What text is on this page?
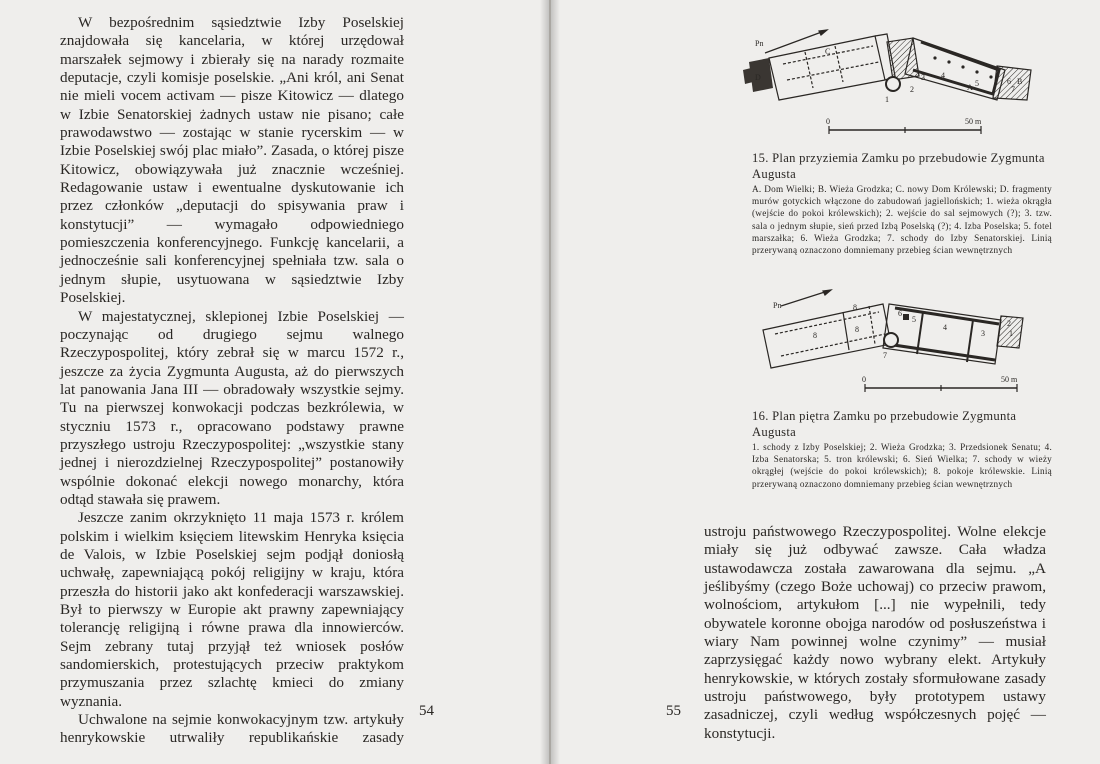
W bezpośrednim sąsiedztwie Izby Poselskiej znajdowała się kancelaria, w której urzędował marszałek sejmowy i zbierały się na narady rozmaite deputacje, czyli komisje poselskie. „Ani król, ani Senat nie mieli vocem activam — pisze Kitowicz — dlatego w Izbie Senatorskiej żadnych ustaw nie pisano; całe prawodawstwo — zostając w stanie rycerskim — w Izbie Poselskiej swój plac miało”. Zasada, o której pisze Kitowicz, obowiązywała już znacznie wcześniej. Redagowanie ustaw i ewentualne dyskutowanie ich przez członków „deputacji do spisywania praw i konstytucji” — wymagało odpowiedniego pomieszczenia konferencyjnego. Funkcję kancelarii, a jednocześnie sali konferencyjnej spełniała tzw. sala o jednym słupie, usytuowana w sąsiedztwie Izby Poselskiej.

W majestatycznej, sklepionej Izbie Poselskiej — poczynając od drugiego sejmu walnego Rzeczypospolitej, który zebrał się w marcu 1572 r., jeszcze za życia Zygmunta Augusta, aż do pierwszych lat panowania Jana III — obradowały wszystkie sejmy. Tu na pierwszej konwokacji podczas bezkrólewia, w styczniu 1573 r., opracowano podstawy prawne przyszłego ustroju Rzeczypospolitej: „wszystkie stany jednej i nierozdzielnej Rzeczypospolitej” postanowiły wspólnie dokonać elekcji nowego monarchy, która odtąd stawała się prawem.

Jeszcze zanim okrzyknięto 11 maja 1573 r. królem polskim i wielkim księciem litewskim Henryka księcia de Valois, w Izbie Poselskiej sejm podjął doniosłą uchwałę, zapewniającą pokój religijny w kraju, która przeszła do historii jako akt konfederacji warszawskiej. Był to pierwszy w Europie akt prawny zapewniający tolerancję religijną i równe prawa dla innowierców. Sejm zebrany tutaj przyjął też wniosek posłów sandomierskich, protestujących przeciw praktykom przymuszania przez szlachtę kmieci do zmiany wyznania.

Uchwalone na sejmie konwokacyjnym tzw. artykuły henrykowskie utrwaliły republikańskie zasady

54
Pn
C
D
A
B
1
2
3 4
5	6
7
0	50 m
15. Plan przyziemia Zamku po przebudowie Zygmunta Augusta
A. Dom Wielki; B. Wieża Grodzka; C. nowy Dom Królewski; D. fragmenty murów gotyckich włączone do zabudowań jagiellońskich; 1. wieża okrągła (wejście do pokoi królewskich); 2. wejście do sal sejmowych (?); 3. tzw. sala o jednym słupie, sień przed Izbą Poselską (?); 4. Izba Poselska; 5. fotel marszałka; 6. Wieża Grodzka; 7. schody do Izby Senatorskiej. Linią przerywaną oznaczono domniemany przebieg ścian wewnętrznych
Pn
8
8
8
7
6
5
4
3
2
1
0	50 m
16. Plan piętra Zamku po przebudowie Zygmunta Augusta
1. schody z Izby Poselskiej; 2. Wieża Grodzka; 3. Przedsionek Senatu; 4. Izba Senatorska; 5. tron królewski; 6. Sień Wielka; 7. schody w wieży okrągłej (wejście do pokoi królewskich); 8. pokoje królewskie. Linią przerywaną oznaczono domniemany przebieg ścian wewnętrznych

ustroju państwowego Rzeczypospolitej. Wolne elekcje miały się już odbywać zawsze. Cała władza ustawodawcza została zawarowana dla sejmu. „A jeślibyśmy (czego Boże uchowaj) co przeciw prawom, wolnościom, artykułom [...] nie wypełnili, tedy obywatele koronne obojga narodów od posłuszeństwa i wiary Nam powinnej wolne czynimy” — musiał zaprzysięgać każdy nowo wybrany elekt. Artykuły henrykowskie, w których zostały sformułowane zasady ustroju państwowego, były prototypem ustawy zasadniczej, czyli według współczesnych pojęć — konstytucji.

55
